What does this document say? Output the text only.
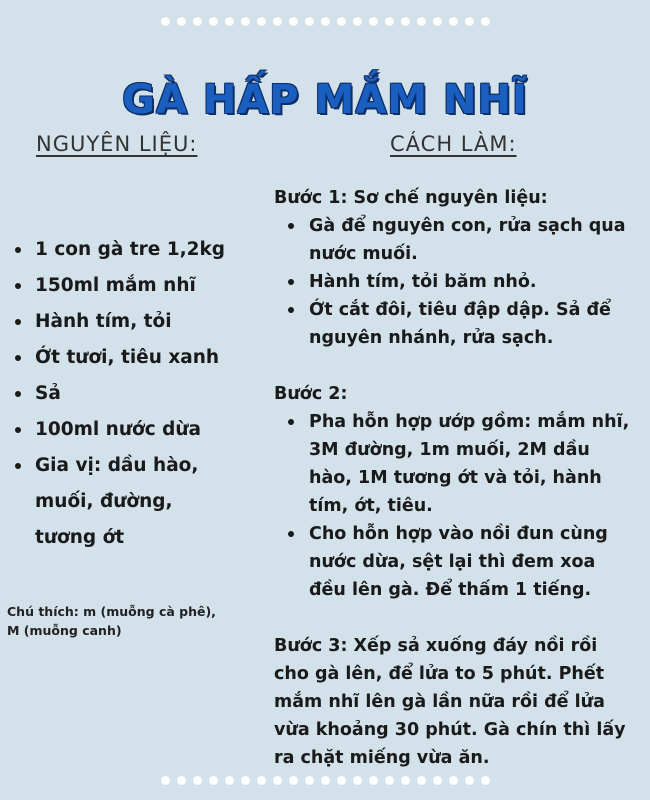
GÀ HẤP MẮM NHĨ
NGUYÊN LIỆU:	CÁCH LÀM:
1 con gà tre 1,2kg
150ml mắm nhĩ
Hành tím, tỏi
Ớt tươi, tiêu xanh
Sả
100ml nước dừa
Gia vị: dầu hào,
muối, đường,
tương ớt
Chú thích: m (muỗng cà phê),
M (muỗng canh)
Bước 1: Sơ chế nguyên liệu:
Gà để nguyên con, rửa sạch qua
nước muối.
Hành tím, tỏi băm nhỏ.
Ớt cắt đôi, tiêu đập dập. Sả để
nguyên nhánh, rửa sạch.
Bước 2:
Pha hỗn hợp ướp gồm: mắm nhĩ,
3M đường, 1m muối, 2M dầu
hào, 1M tương ớt và tỏi, hành
tím, ớt, tiêu.
Cho hỗn hợp vào nồi đun cùng
nước dừa, sệt lại thì đem xoa
đều lên gà. Để thấm 1 tiếng.
Bước 3: Xếp sả xuống đáy nồi rồi
cho gà lên, để lửa to 5 phút. Phết
mắm nhĩ lên gà lần nữa rồi để lửa
vừa khoảng 30 phút. Gà chín thì lấy
ra chặt miếng vừa ăn.
